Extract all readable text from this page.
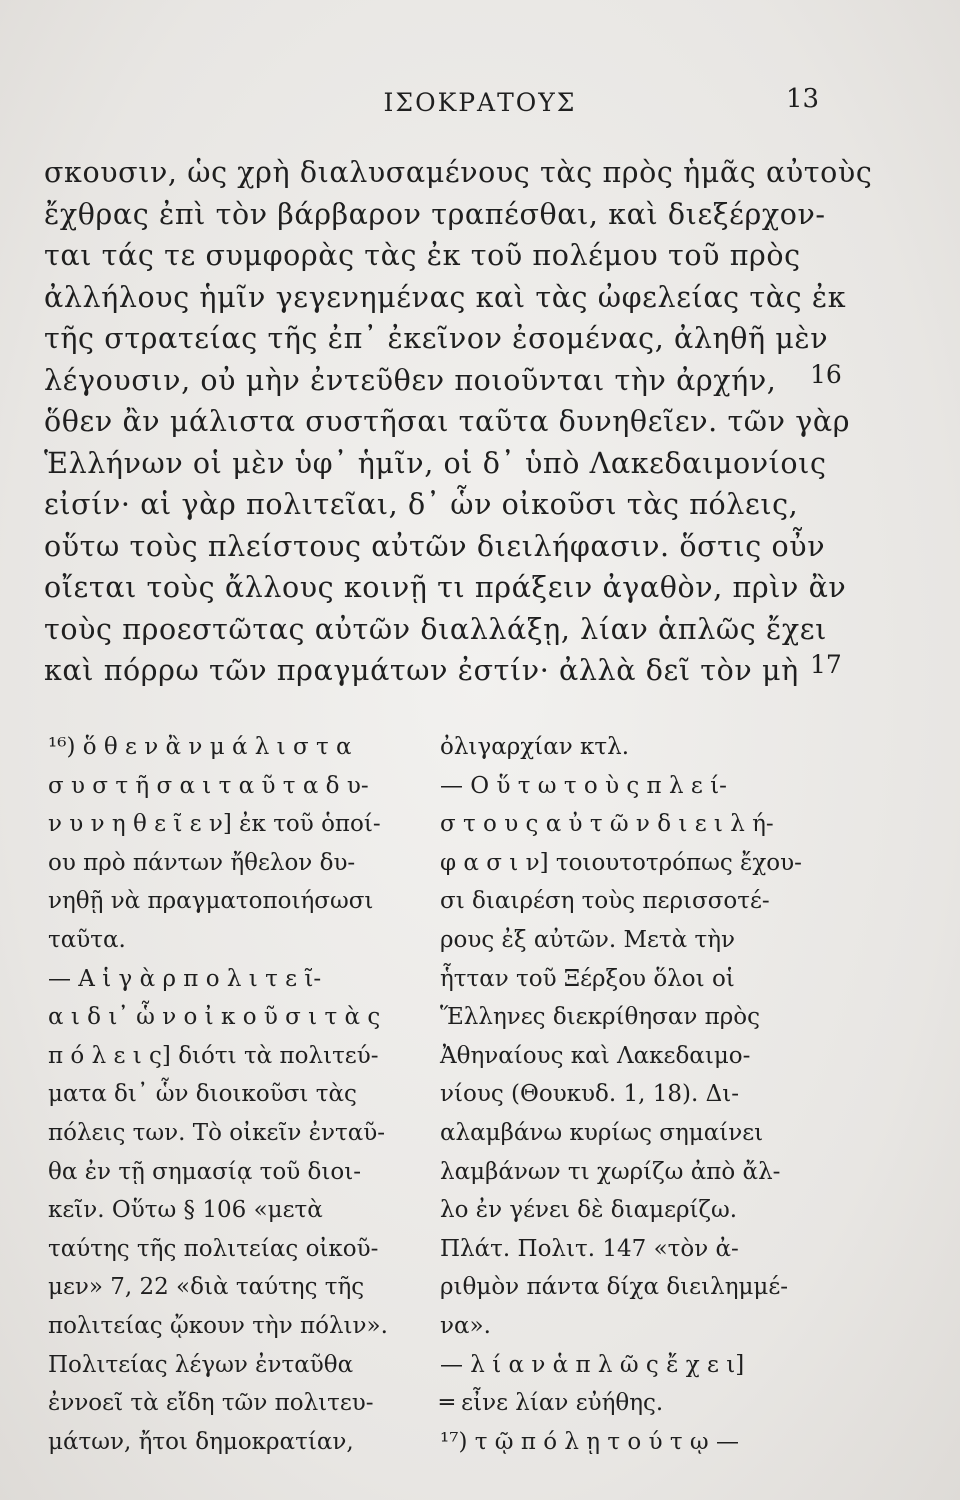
ΙΣΟΚΡΑΤΟΥΣ	13
σκουσιν, ὡς χρὴ διαλυσαμένους τὰς πρὸς ἡμᾶς αὐτοὺς
ἔχθρας ἐπὶ τὸν βάρβαρον τραπέσθαι, καὶ διεξέρχον-
ται τάς τε συμφορὰς τὰς ἐκ τοῦ πολέμου τοῦ πρὸς
ἀλλήλους ἡμῖν γεγενημένας καὶ τὰς ὠφελείας τὰς ἐκ
τῆς στρατείας τῆς ἐπ᾽ ἐκεῖνον ἐσομένας, ἀληθῆ μὲν
λέγουσιν, οὐ μὴν ἐντεῦθεν ποιοῦνται τὴν ἀρχήν,
ὅθεν ἂν μάλιστα συστῆσαι ταῦτα δυνηθεῖεν. τῶν γὰρ
Ἑλλήνων οἱ μὲν ὑφ᾽ ἡμῖν, οἱ δ᾽ ὑπὸ Λακεδαιμονίοις
εἰσίν· αἱ γὰρ πολιτεῖαι, δ᾽ ὧν οἰκοῦσι τὰς πόλεις,
οὕτω τοὺς πλείστους αὐτῶν διειλήφασιν. ὅστις οὖν
οἴεται τοὺς ἄλλους κοινῇ τι πράξειν ἀγαθὸν, πρὶν ἂν
τοὺς προεστῶτας αὐτῶν διαλλάξῃ, λίαν ἁπλῶς ἔχει
καὶ πόρρω τῶν πραγμάτων ἐστίν· ἀλλὰ δεῖ τὸν μὴ
16
17
¹⁶) ὅ θ ε ν ἂ ν μ ά λ ι σ τ α
σ υ σ τ ῆ σ α ι τ α ῦ τ α δ υ-
ν υ ν η θ ε ῖ ε ν] ἐκ τοῦ ὁποί-
ου πρὸ πάντων ἤθελον δυ-
νηθῇ νὰ πραγματοποιήσωσι
ταῦτα.
— Α ἱ γ ὰ ρ π ο λ ι τ ε ῖ-
α ι δ ι᾽ ὧ ν ο ἰ κ ο ῦ σ ι τ ὰ ς
π ό λ ε ι ς] διότι τὰ πολιτεύ-
ματα δι᾽ ὧν διοικοῦσι τὰς
πόλεις των. Τὸ οἰκεῖν ἐνταῦ-
θα ἐν τῇ σημασίᾳ τοῦ διοι-
κεῖν. Οὕτω § 106 «μετὰ
ταύτης τῆς πολιτείας οἰκοῦ-
μεν» 7, 22 «διὰ ταύτης τῆς
πολιτείας ᾤκουν τὴν πόλιν».
Πολιτείας λέγων ἐνταῦθα
ἐννοεῖ τὰ εἴδη τῶν πολιτευ-
μάτων, ἤτοι δημοκρατίαν,
ὀλιγαρχίαν κτλ.
— Ο ὕ τ ω τ ο ὺ ς π λ ε ί-
σ τ ο υ ς α ὐ τ ῶ ν δ ι ε ι λ ή-
φ α σ ι ν] τοιουτοτρόπως ἔχου-
σι διαιρέση τοὺς περισσοτέ-
ρους ἐξ αὐτῶν. Μετὰ τὴν
ἧτταν τοῦ Ξέρξου ὅλοι οἱ
Ἕλληνες διεκρίθησαν πρὸς
Ἀθηναίους καὶ Λακεδαιμο-
νίους (Θουκυδ. 1, 18). Δι-
αλαμβάνω κυρίως σημαίνει
λαμβάνων τι χωρίζω ἀπὸ ἄλ-
λο ἐν γένει δὲ διαμερίζω.
Πλάτ. Πολιτ. 147 «τὸν ἀ-
ριθμὸν πάντα δίχα διειλημμέ-
να».
— λ ί α ν ἁ π λ ῶ ς ἔ χ ε ι]
═ εἶνε λίαν εὐήθης.
¹⁷) τ ῷ π ό λ ῃ τ ο ύ τ ῳ —
